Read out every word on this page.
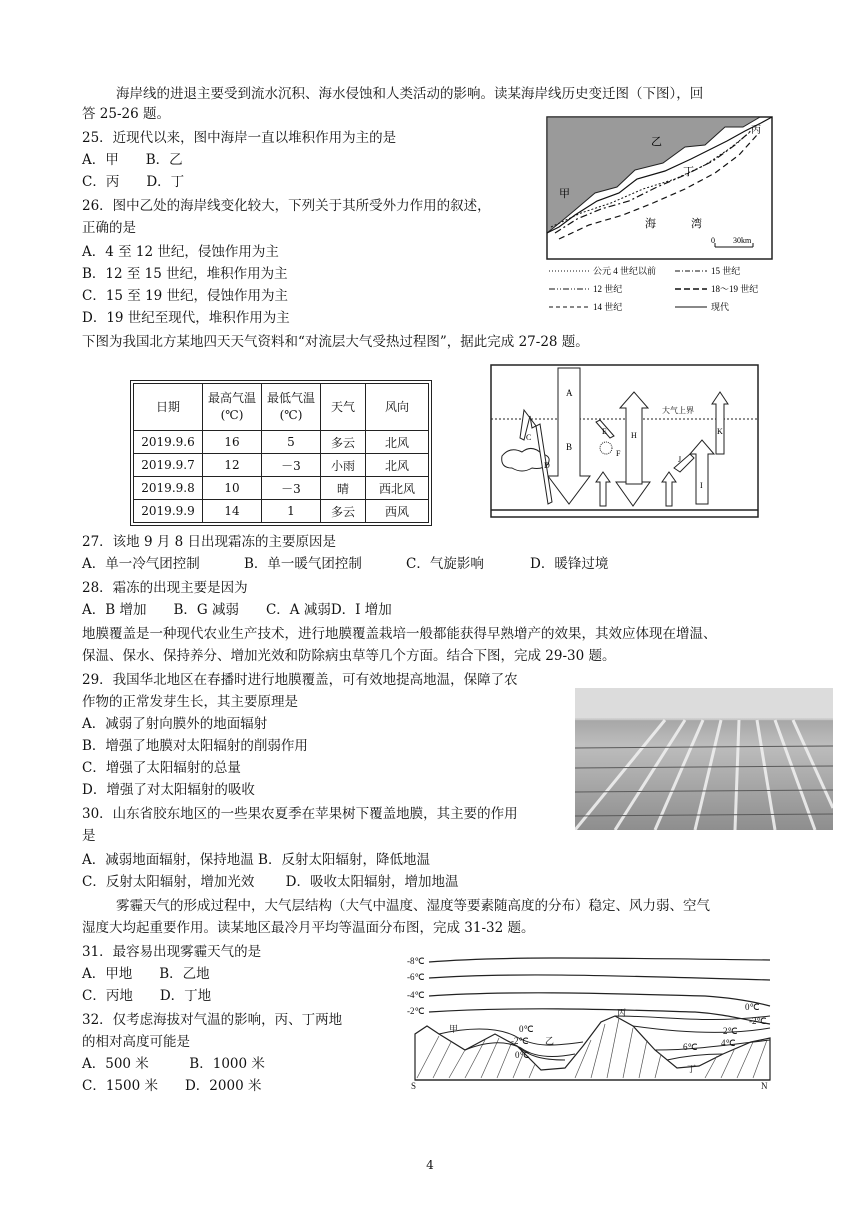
海岸线的进退主要受到流水沉积、海水侵蚀和人类活动的影响。读某海岸线历史变迁图（下图），回
答 25-26 题。
25．近现代以来，图中海岸一直以堆积作用为主的是
A．甲　　B．乙
C．丙　　D．丁
26．图中乙处的海岸线变化较大，下列关于其所受外力作用的叙述，
正确的是
A．4 至 12 世纪，侵蚀作用为主
B．12 至 15 世纪，堆积作用为主
C．15 至 19 世纪，侵蚀作用为主
D．19 世纪至现代，堆积作用为主
丁
乙
丙
甲
海	湾
0 30km
公元 4 世纪以前	15 世纪
12 世纪	18～19 世纪
14 世纪	现代
下图为我国北方某地四天天气资料和“对流层大气受热过程图”，据此完成 27-28 题。
日期	最高气温(℃)	最低气温(℃)	天气	风向
2019.9.6	16	5	多云	北风
2019.9.7	12	－3	小雨	北风
2019.9.8	10	－3	晴	西北风
2019.9.9	14	1	多云	西风
大气上界
A
B
C
D
E
F
H
I
J
K
27．该地 9 月 8 日出现霜冻的主要原因是
A．单一冷气团控制	B．单一暖气团控制	C．气旋影响	D．暖锋过境
28．霜冻的出现主要是因为
A．B 增加　　B．G 减弱　　C．A 减弱D．I 增加
地膜覆盖是一种现代农业生产技术，进行地膜覆盖栽培一般都能获得早熟增产的效果，其效应体现在增温、
保温、保水、保持养分、增加光效和防除病虫草等几个方面。结合下图，完成 29-30 题。
29．我国华北地区在春播时进行地膜覆盖，可有效地提高地温，保障了农
作物的正常发芽生长，其主要原理是
A．减弱了射向膜外的地面辐射
B．增强了地膜对太阳辐射的削弱作用
C．增强了太阳辐射的总量
D．增强了对太阳辐射的吸收
30．山东省胶东地区的一些果农夏季在苹果树下覆盖地膜，其主要的作用
是
A．减弱地面辐射，保持地温 B．反射太阳辐射，降低地温
C．反射太阳辐射，增加光效　　 D．吸收太阳辐射，增加地温
雾霾天气的形成过程中，大气层结构（大气中温度、湿度等要素随高度的分布）稳定、风力弱、空气
湿度大均起重要作用。读某地区最冷月平均等温面分布图，完成 31-32 题。
31．最容易出现雾霾天气的是
A．甲地　　B．乙地
C．丙地　　D．丁地
32．仅考虑海拔对气温的影响，丙、丁两地
的相对高度可能是
A．500 米　　　B．1000 米
C．1500 米　　D．2000 米
-8℃
-6℃
-4℃
-2℃	0℃
-2℃
2℃
4℃
6℃
0℃
-2℃
0℃
甲
乙
丙
丁
S	N
4
